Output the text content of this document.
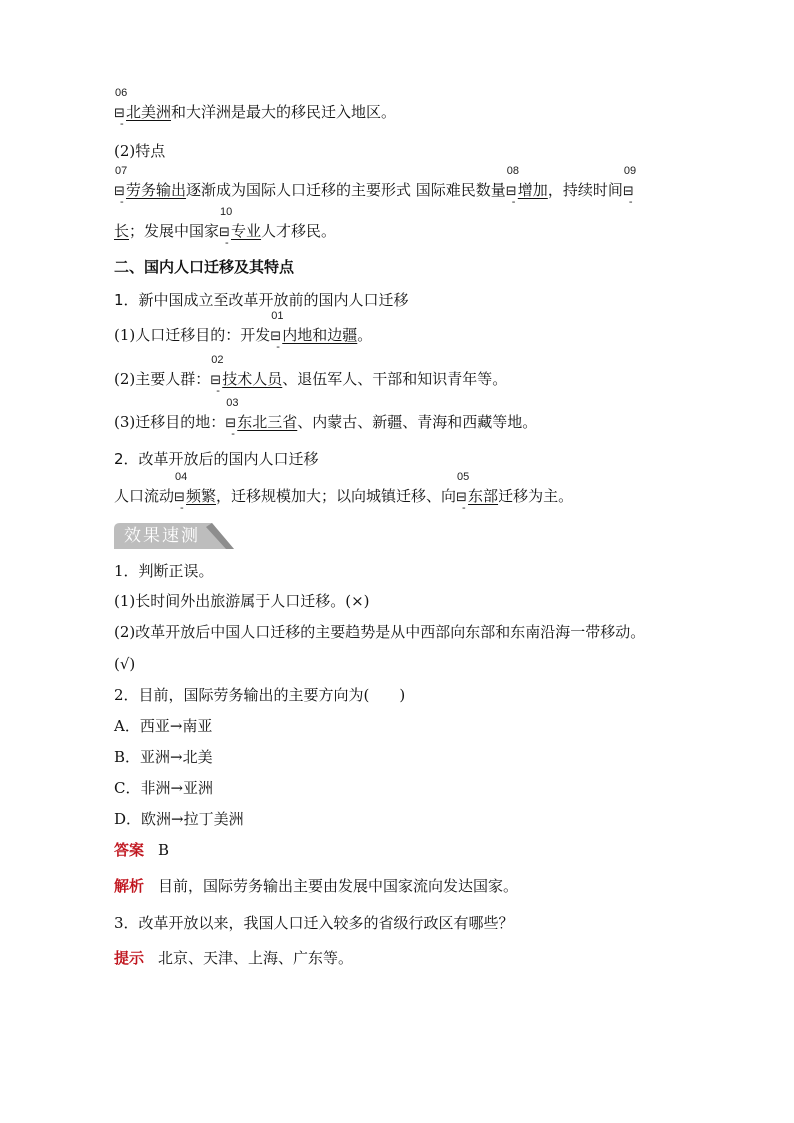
06
⊟北美洲
-
和大洋洲是最大的移民迁入地区。
(2)特点
07
⊟劳务输出
-
逐渐成为国际人口迁移的主要形式 国际难民数量
08
⊟增加
-
，持续时间
09
⊟
-
长；发展中国家
10
⊟专业
-
人才移民。
二、国内人口迁移及其特点
1．新中国成立至改革开放前的国内人口迁移
(1)人口迁移目的：开发
01
⊟内地和边疆
-
。
(2)主要人群：
02
⊟技术人员
-
、退伍军人、干部和知识青年等。
(3)迁移目的地：
03
⊟东北三省
-
、内蒙古、新疆、青海和西藏等地。
2．改革开放后的国内人口迁移
人口流动
04
⊟频繁
-
，迁移规模加大；以向城镇迁移、向
05
⊟东部
-
迁移为主。
效果速测
1．判断正误。
(1)长时间外出旅游属于人口迁移。(×)
(2)改革开放后中国人口迁移的主要趋势是从中西部向东部和东南沿海一带移动。
(√)
2．目前，国际劳务输出的主要方向为(　　)
A．西亚→南亚
B．亚洲→北美
C．非洲→亚洲
D．欧洲→拉丁美洲
答案 B
解析 目前，国际劳务输出主要由发展中国家流向发达国家。
3．改革开放以来，我国人口迁入较多的省级行政区有哪些？
提示 北京、天津、上海、广东等。
